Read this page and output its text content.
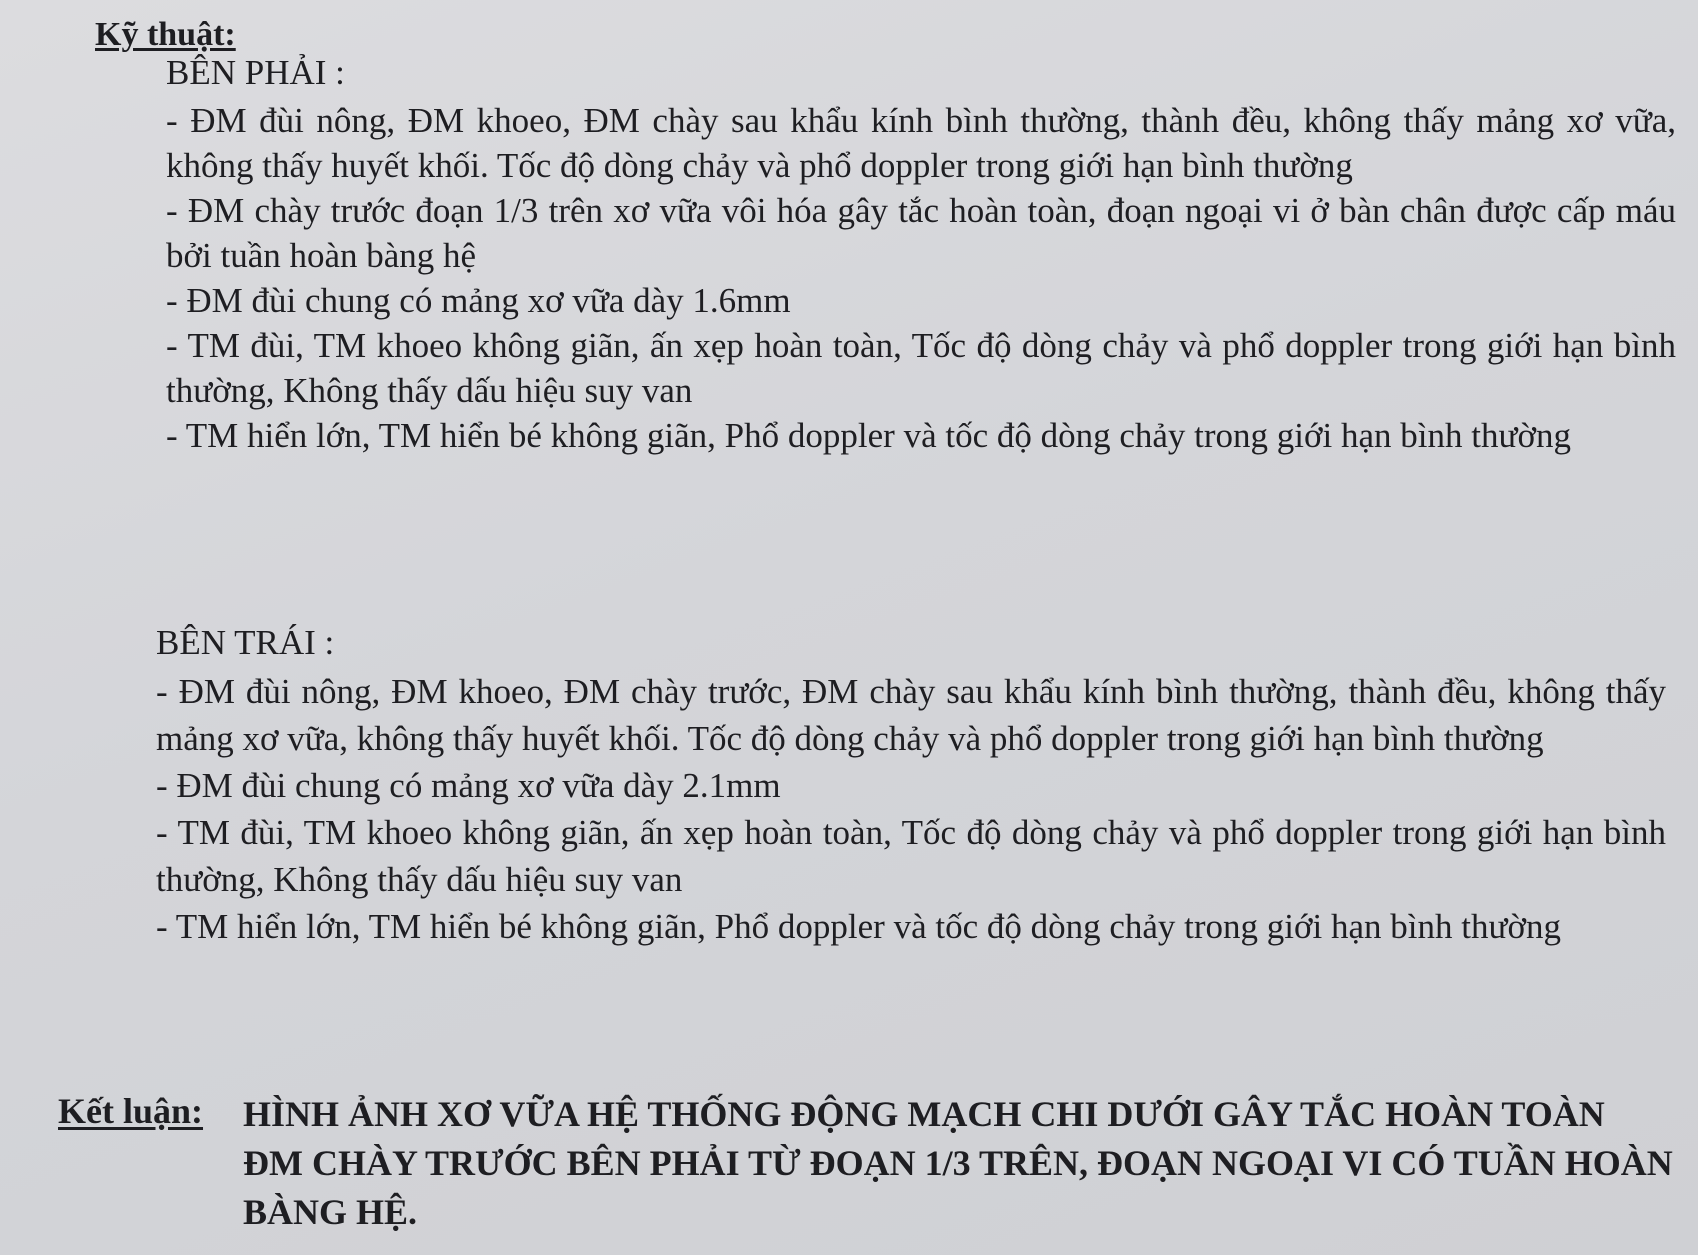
Kỹ thuật:
BÊN PHẢI :
- ĐM đùi nông, ĐM khoeo, ĐM chày sau khẩu kính bình thường, thành đều, không thấy mảng xơ vữa, không thấy huyết khối. Tốc độ dòng chảy và phổ doppler trong giới hạn bình thường
- ĐM chày trước đoạn 1/3 trên xơ vữa vôi hóa gây tắc hoàn toàn, đoạn ngoại vi ở bàn chân được cấp máu bởi tuần hoàn bàng hệ
- ĐM đùi chung có mảng xơ vữa dày 1.6mm
- TM đùi, TM khoeo không giãn, ấn xẹp hoàn toàn, Tốc độ dòng chảy và phổ doppler trong giới hạn bình thường, Không thấy dấu hiệu suy van
- TM hiển lớn, TM hiển bé không giãn, Phổ doppler và tốc độ dòng chảy trong giới hạn bình thường
BÊN TRÁI :
- ĐM đùi nông, ĐM khoeo, ĐM chày trước, ĐM chày sau khẩu kính bình thường, thành đều, không thấy mảng xơ vữa, không thấy huyết khối. Tốc độ dòng chảy và phổ doppler trong giới hạn bình thường
- ĐM đùi chung có mảng xơ vữa dày 2.1mm
- TM đùi, TM khoeo không giãn, ấn xẹp hoàn toàn, Tốc độ dòng chảy và phổ doppler trong giới hạn bình thường, Không thấy dấu hiệu suy van
- TM hiển lớn, TM hiển bé không giãn, Phổ doppler và tốc độ dòng chảy trong giới hạn bình thường
Kết luận: HÌNH ẢNH XƠ VỮA HỆ THỐNG ĐỘNG MẠCH CHI DƯỚI GÂY TẮC HOÀN TOÀN ĐM CHÀY TRƯỚC BÊN PHẢI TỪ ĐOẠN 1/3 TRÊN, ĐOẠN NGOẠI VI CÓ TUẦN HOÀN BÀNG HỆ.
